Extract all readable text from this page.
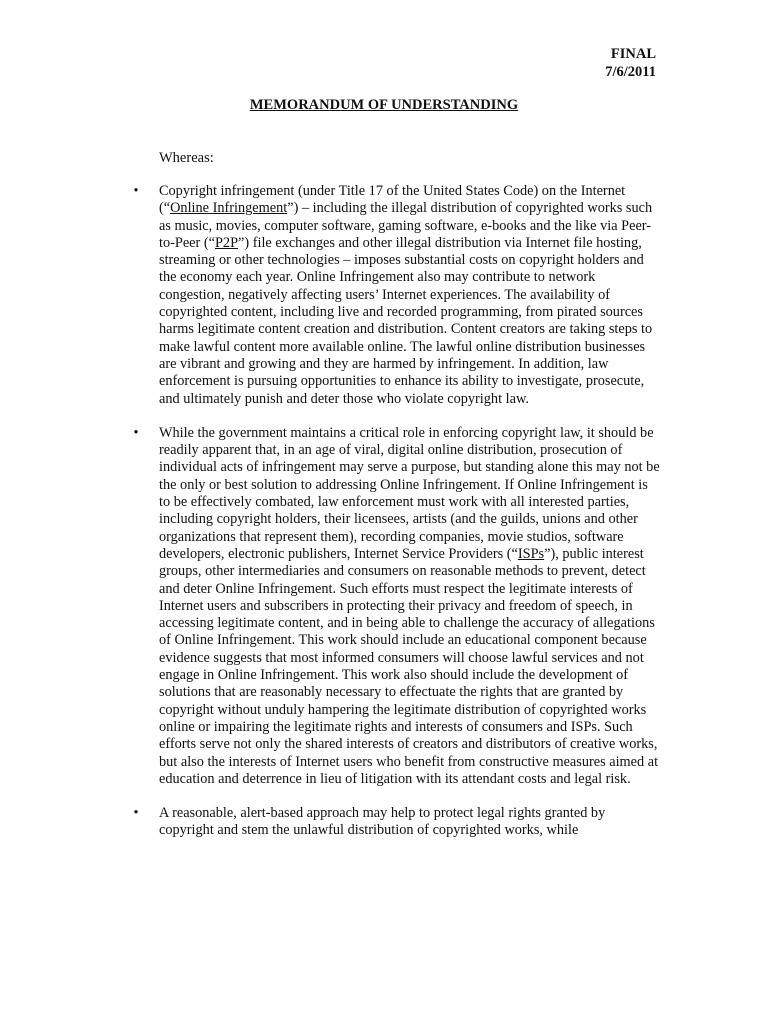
FINAL
7/6/2011
MEMORANDUM OF UNDERSTANDING
Whereas:
• Copyright infringement (under Title 17 of the United States Code) on the Internet (“Online Infringement”) – including the illegal distribution of copyrighted works such as music, movies, computer software, gaming software, e-books and the like via Peer-to-Peer (“P2P”) file exchanges and other illegal distribution via Internet file hosting, streaming or other technologies – imposes substantial costs on copyright holders and the economy each year. Online Infringement also may contribute to network congestion, negatively affecting users’ Internet experiences. The availability of copyrighted content, including live and recorded programming, from pirated sources harms legitimate content creation and distribution. Content creators are taking steps to make lawful content more available online. The lawful online distribution businesses are vibrant and growing and they are harmed by infringement. In addition, law enforcement is pursuing opportunities to enhance its ability to investigate, prosecute, and ultimately punish and deter those who violate copyright law.
• While the government maintains a critical role in enforcing copyright law, it should be readily apparent that, in an age of viral, digital online distribution, prosecution of individual acts of infringement may serve a purpose, but standing alone this may not be the only or best solution to addressing Online Infringement. If Online Infringement is to be effectively combated, law enforcement must work with all interested parties, including copyright holders, their licensees, artists (and the guilds, unions and other organizations that represent them), recording companies, movie studios, software developers, electronic publishers, Internet Service Providers (“ISPs”), public interest groups, other intermediaries and consumers on reasonable methods to prevent, detect and deter Online Infringement. Such efforts must respect the legitimate interests of Internet users and subscribers in protecting their privacy and freedom of speech, in accessing legitimate content, and in being able to challenge the accuracy of allegations of Online Infringement. This work should include an educational component because evidence suggests that most informed consumers will choose lawful services and not engage in Online Infringement. This work also should include the development of solutions that are reasonably necessary to effectuate the rights that are granted by copyright without unduly hampering the legitimate distribution of copyrighted works online or impairing the legitimate rights and interests of consumers and ISPs. Such efforts serve not only the shared interests of creators and distributors of creative works, but also the interests of Internet users who benefit from constructive measures aimed at education and deterrence in lieu of litigation with its attendant costs and legal risk.
• A reasonable, alert-based approach may help to protect legal rights granted by copyright and stem the unlawful distribution of copyrighted works, while
